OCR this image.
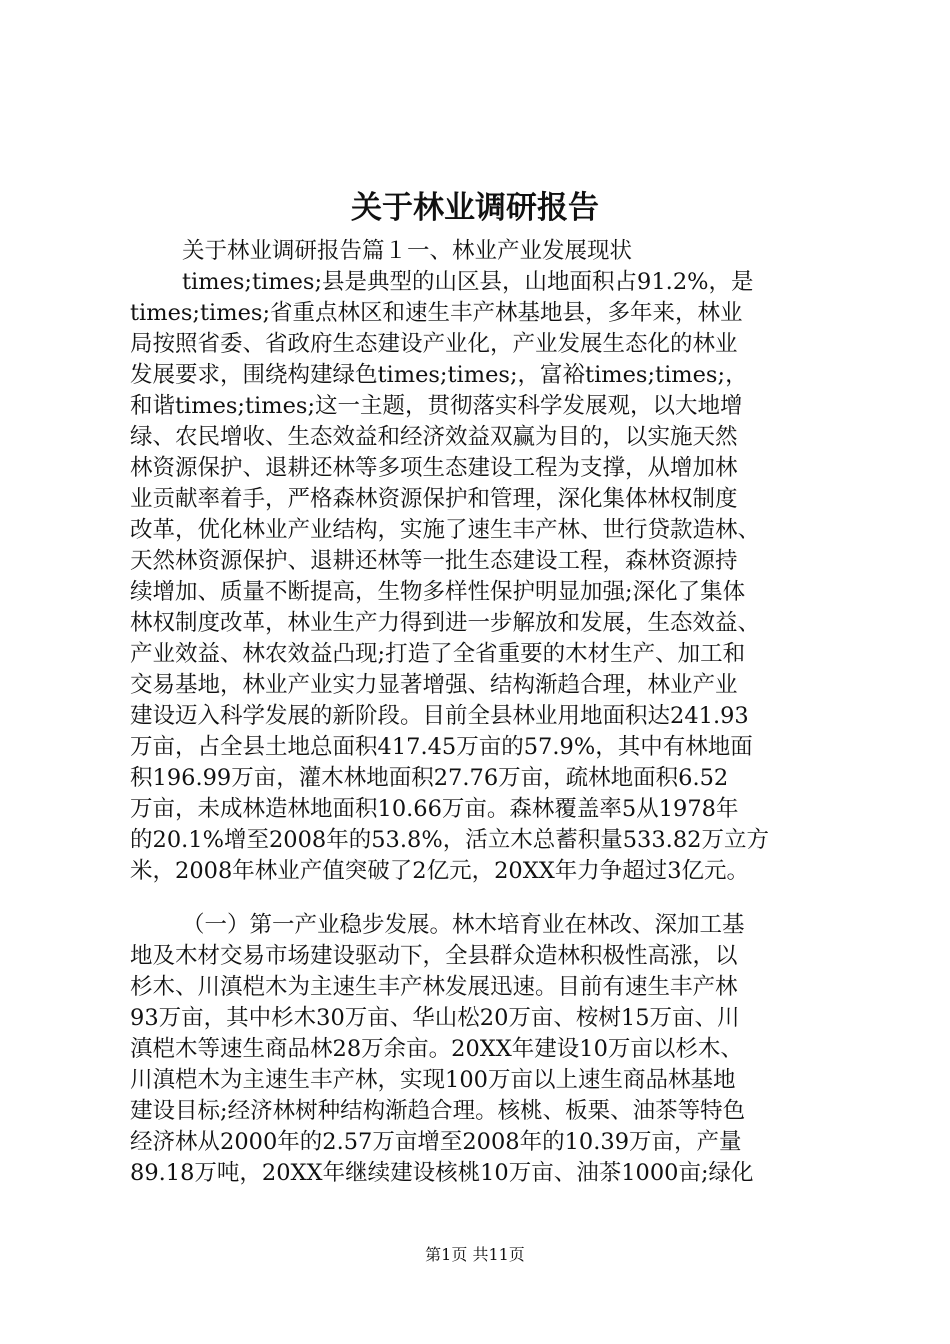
关于林业调研报告
关于林业调研报告篇１一、林业产业发展现状
times;times;县是典型的山区县，山地面积占91.2%，是
times;times;省重点林区和速生丰产林基地县，多年来，林业
局按照省委、省政府生态建设产业化，产业发展生态化的林业
发展要求，围绕构建绿色times;times;，富裕times;times;，
和谐times;times;这一主题，贯彻落实科学发展观，以大地增
绿、农民增收、生态效益和经济效益双赢为目的，以实施天然
林资源保护、退耕还林等多项生态建设工程为支撑，从增加林
业贡献率着手，严格森林资源保护和管理，深化集体林权制度
改革，优化林业产业结构，实施了速生丰产林、世行贷款造林、
天然林资源保护、退耕还林等一批生态建设工程，森林资源持
续增加、质量不断提高，生物多样性保护明显加强;深化了集体
林权制度改革，林业生产力得到进一步解放和发展，生态效益、
产业效益、林农效益凸现;打造了全省重要的木材生产、加工和
交易基地，林业产业实力显著增强、结构渐趋合理，林业产业
建设迈入科学发展的新阶段。目前全县林业用地面积达241.93
万亩，占全县土地总面积417.45万亩的57.9%，其中有林地面
积196.99万亩，灌木林地面积27.76万亩，疏林地面积6.52
万亩，未成林造林地面积10.66万亩。森林覆盖率5从1978年
的20.1%增至2008年的53.8%，活立木总蓄积量533.82万立方
米，2008年林业产值突破了2亿元，20XX年力争超过3亿元。
（一）第一产业稳步发展。林木培育业在林改、深加工基
地及木材交易市场建设驱动下，全县群众造林积极性高涨，以
杉木、川滇桤木为主速生丰产林发展迅速。目前有速生丰产林
93万亩，其中杉木30万亩、华山松20万亩、桉树15万亩、川
滇桤木等速生商品林28万余亩。20XX年建设10万亩以杉木、
川滇桤木为主速生丰产林，实现100万亩以上速生商品林基地
建设目标;经济林树种结构渐趋合理。核桃、板栗、油茶等特色
经济林从2000年的2.57万亩增至2008年的10.39万亩，产量
89.18万吨，20XX年继续建设核桃10万亩、油茶1000亩;绿化
第1页 共11页
